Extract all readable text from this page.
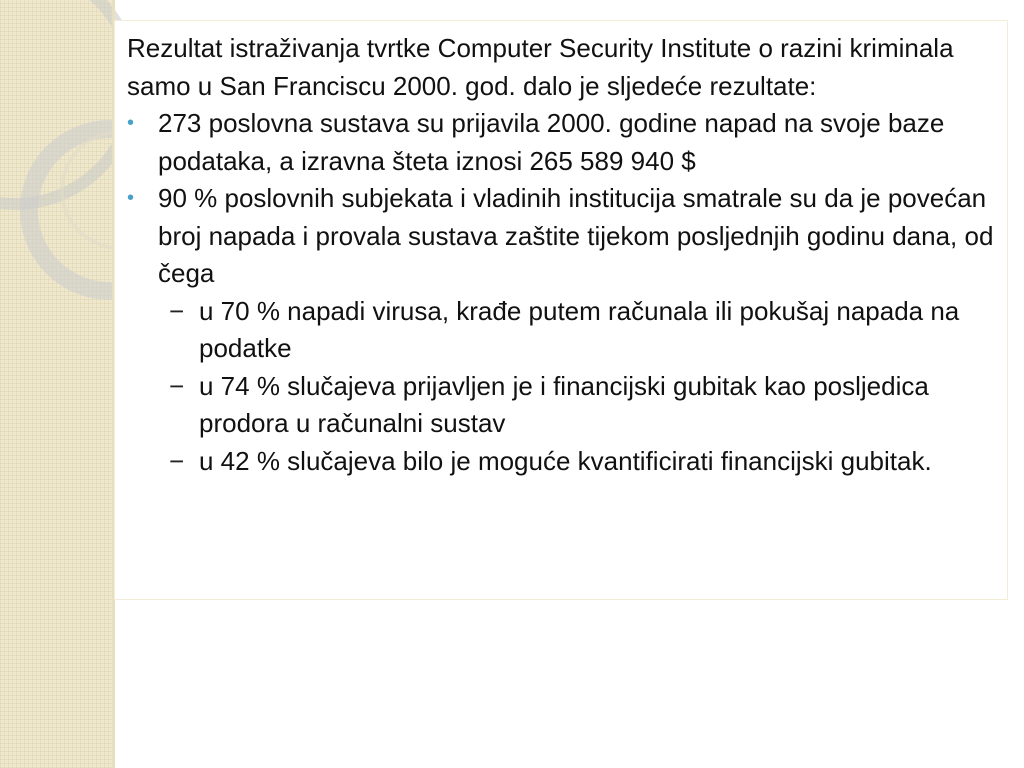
Rezultat istraživanja tvrtke Computer Security Institute o razini kriminala samo u San Franciscu 2000. god. dalo je sljedeće rezultate:

• 273 poslovna sustava su prijavila 2000. godine napad na svoje baze podataka, a izravna šteta iznosi 265 589 940 $
• 90 % poslovnih subjekata i vladinih institucija smatrale su da je povećan broj napada i provala sustava zaštite tijekom posljednjih godinu dana, od čega
− u 70 % napadi virusa, krađe putem računala ili pokušaj napada na podatke
− u 74 % slučajeva prijavljen je i financijski gubitak kao posljedica prodora u računalni sustav
− u 42 % slučajeva bilo je moguće kvantificirati financijski gubitak.
